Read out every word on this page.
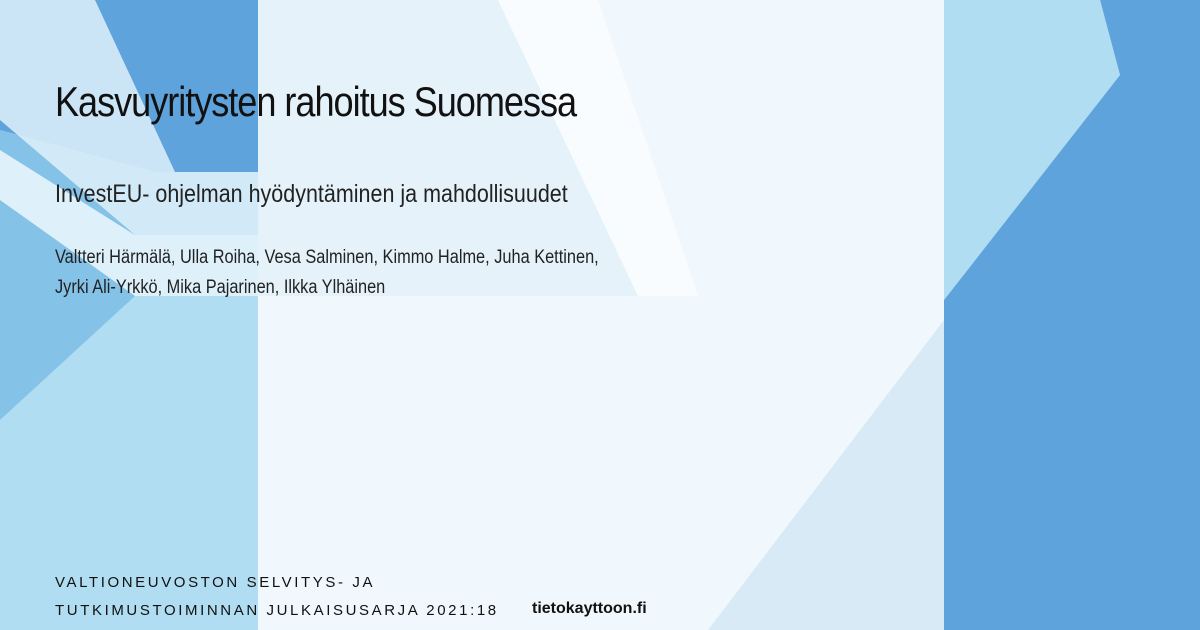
Kasvuyritysten rahoitus Suomessa
InvestEU- ohjelman hyödyntäminen ja mahdollisuudet
Valtteri Härmälä, Ulla Roiha, Vesa Salminen, Kimmo Halme, Juha Kettinen,
Jyrki Ali-Yrkkö, Mika Pajarinen, Ilkka Ylhäinen
VALTIONEUVOSTON SELVITYS- JA
TUTKIMUSTOIMINNAN JULKAISUSARJA 2021:18 tietokayttoon.fi
